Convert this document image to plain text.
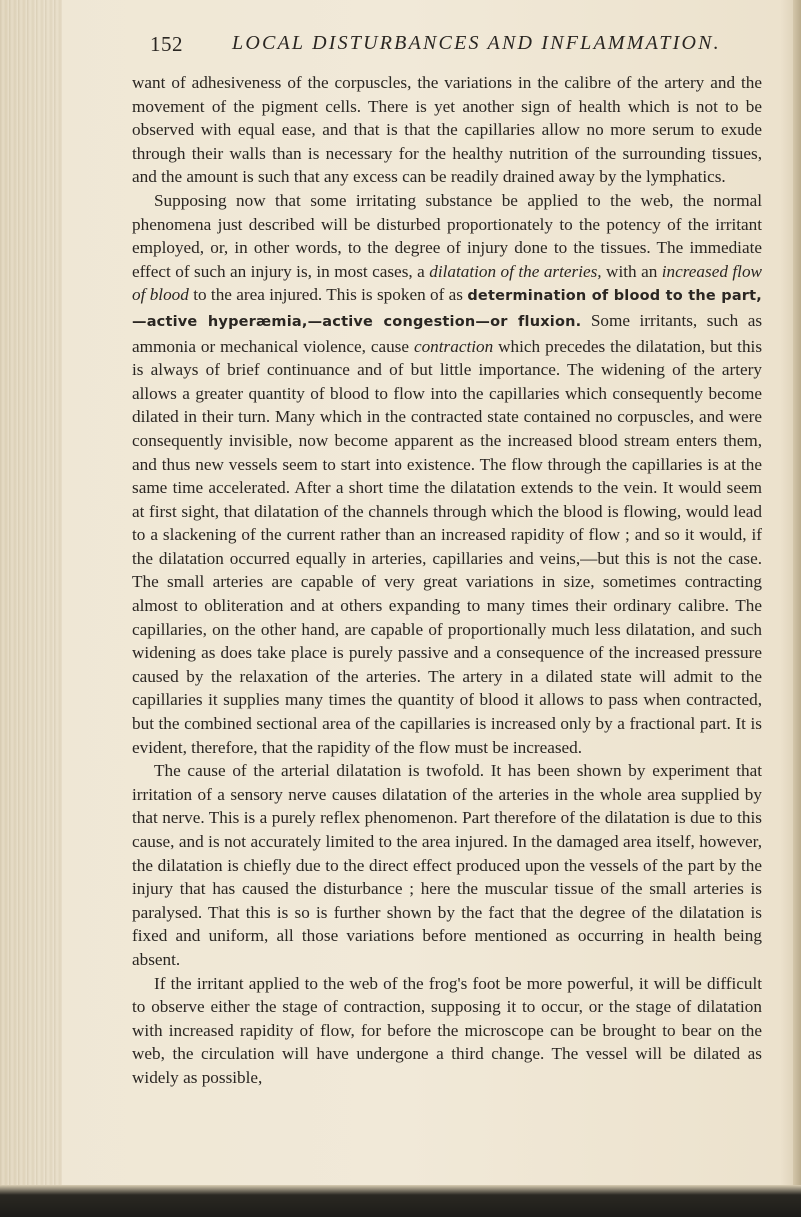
152 LOCAL DISTURBANCES AND INFLAMMATION.

want of adhesiveness of the corpuscles, the variations in the calibre of the artery and the movement of the pigment cells. There is yet another sign of health which is not to be observed with equal ease, and that is that the capillaries allow no more serum to exude through their walls than is necessary for the healthy nutrition of the surrounding tissues, and the amount is such that any excess can be readily drained away by the lymphatics.

Supposing now that some irritating substance be applied to the web, the normal phenomena just described will be disturbed proportionately to the potency of the irritant employed, or, in other words, to the degree of injury done to the tissues. The immediate effect of such an injury is, in most cases, a dilatation of the arteries, with an increased flow of blood to the area injured. This is spoken of as determination of blood to the part,—active hyperæmia,—active congestion—or fluxion. Some irritants, such as ammonia or mechanical violence, cause contraction which precedes the dilatation, but this is always of brief continuance and of but little importance. The widening of the artery allows a greater quantity of blood to flow into the capillaries which consequently become dilated in their turn. Many which in the contracted state contained no corpuscles, and were consequently invisible, now become apparent as the increased blood stream enters them, and thus new vessels seem to start into existence. The flow through the capillaries is at the same time accelerated. After a short time the dilatation extends to the vein. It would seem at first sight, that dilatation of the channels through which the blood is flowing, would lead to a slackening of the current rather than an increased rapidity of flow ; and so it would, if the dilatation occurred equally in arteries, capillaries and veins,—but this is not the case. The small arteries are capable of very great variations in size, sometimes contracting almost to obliteration and at others expanding to many times their ordinary calibre. The capillaries, on the other hand, are capable of proportionally much less dilatation, and such widening as does take place is purely passive and a consequence of the increased pressure caused by the relaxation of the arteries. The artery in a dilated state will admit to the capillaries it supplies many times the quantity of blood it allows to pass when contracted, but the combined sectional area of the capillaries is increased only by a fractional part. It is evident, therefore, that the rapidity of the flow must be increased.

The cause of the arterial dilatation is twofold. It has been shown by experiment that irritation of a sensory nerve causes dilatation of the arteries in the whole area supplied by that nerve. This is a purely reflex phenomenon. Part therefore of the dilatation is due to this cause, and is not accurately limited to the area injured. In the damaged area itself, however, the dilatation is chiefly due to the direct effect produced upon the vessels of the part by the injury that has caused the disturbance ; here the muscular tissue of the small arteries is paralysed. That this is so is further shown by the fact that the degree of the dilatation is fixed and uniform, all those variations before mentioned as occurring in health being absent.

If the irritant applied to the web of the frog's foot be more powerful, it will be difficult to observe either the stage of contraction, supposing it to occur, or the stage of dilatation with increased rapidity of flow, for before the microscope can be brought to bear on the web, the circulation will have undergone a third change. The vessel will be dilated as widely as possible,
